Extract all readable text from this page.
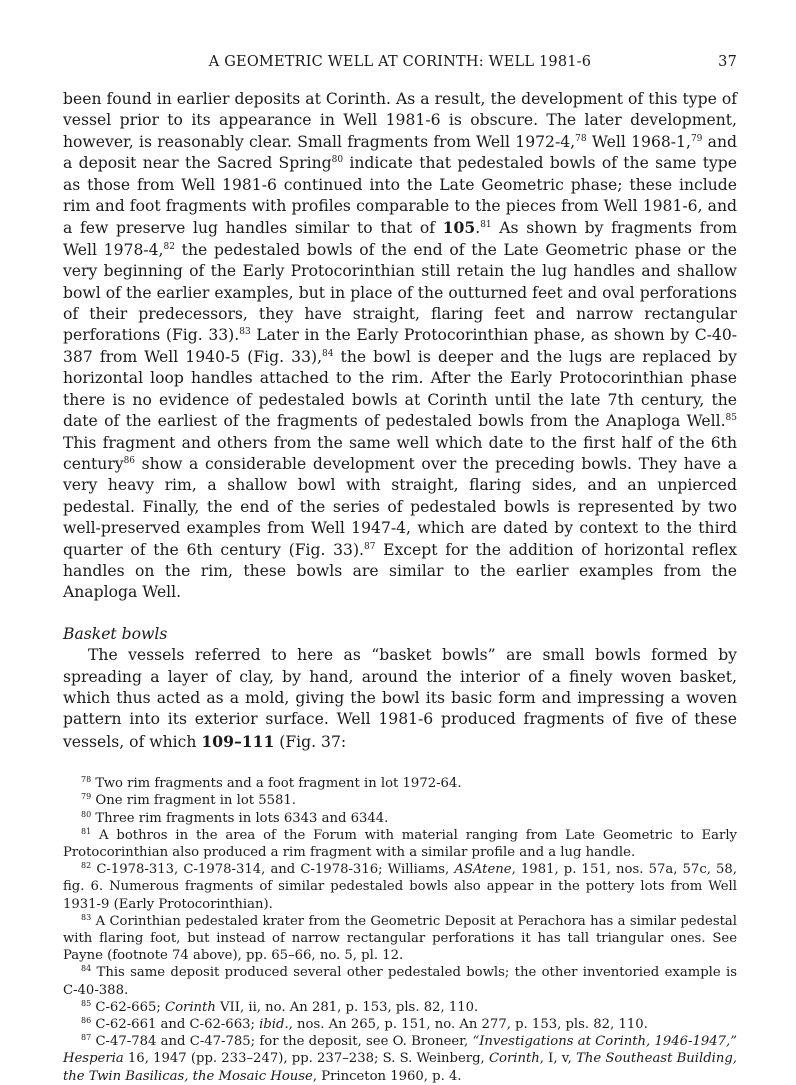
A GEOMETRIC WELL AT CORINTH: WELL 1981-6	37

been found in earlier deposits at Corinth. As a result, the development of this type of vessel prior to its appearance in Well 1981-6 is obscure. The later development, however, is reasonably clear. Small fragments from Well 1972-4,78 Well 1968-1,79 and a deposit near the Sacred Spring$^{80}$ indicate that pedestaled bowls of the same type as those from Well 1981-6 continued into the Late Geometric phase; these include rim and foot fragments with profiles comparable to the pieces from Well 1981-6, and a few preserve lug handles similar to that of 105.81 As shown by fragments from Well 1978-4,82 the pedestaled bowls of the end of the Late Geometric phase or the very beginning of the Early Protocorinthian still retain the lug handles and shallow bowl of the earlier examples, but in place of the outturned feet and oval perforations of their predecessors, they have straight, flaring feet and narrow rectangular perforations (Fig. 33).$^{83}$ Later in the Early Protocorinthian phase, as shown by C-40-387 from Well 1940-5 (Fig. 33),$^{84}$ the bowl is deeper and the lugs are replaced by horizontal loop handles attached to the rim. After the Early Protocorinthian phase there is no evidence of pedestaled bowls at Corinth until the late 7th century, the date of the earliest of the fragments of pedestaled bowls from the Anaploga Well.$^{85}$ This fragment and others from the same well which date to the first half of the 6th century$^{86}$ show a considerable development over the preceding bowls. They have a very heavy rim, a shallow bowl with straight, flaring sides, and an unpierced pedestal. Finally, the end of the series of pedestaled bowls is represented by two well-preserved examples from Well 1947-4, which are dated by context to the third quarter of the 6th century (Fig. 33).$^{87}$ Except for the addition of horizontal reflex handles on the rim, these bowls are similar to the earlier examples from the Anaploga Well.

Basket bowls

The vessels referred to here as “basket bowls” are small bowls formed by spreading a layer of clay, by hand, around the interior of a finely woven basket, which thus acted as a mold, giving the bowl its basic form and impressing a woven pattern into its exterior surface. Well 1981-6 produced fragments of five of these vessels, of which 109–111 (Fig. 37:

$^{78}$ Two rim fragments and a foot fragment in lot 1972-64.

$^{79}$ One rim fragment in lot 5581.

$^{80}$ Three rim fragments in lots 6343 and 6344.

$^{81}$ A bothros in the area of the Forum with material ranging from Late Geometric to Early Protocorinthian also produced a rim fragment with a similar profile and a lug handle.

$^{82}$ C-1978-313, C-1978-314, and C-1978-316; Williams, ASAtene, 1981, p. 151, nos. 57a, 57c, 58, fig. 6. Numerous fragments of similar pedestaled bowls also appear in the pottery lots from Well 1931-9 (Early Protocorinthian).

$^{83}$ A Corinthian pedestaled krater from the Geometric Deposit at Perachora has a similar pedestal with flaring foot, but instead of narrow rectangular perforations it has tall triangular ones. See Payne (footnote 74 above), pp. 65–66, no. 5, pl. 12.

$^{84}$ This same deposit produced several other pedestaled bowls; the other inventoried example is C-40-388.

$^{85}$ C-62-665; Corinth VII, ii, no. An 281, p. 153, pls. 82, 110.

$^{86}$ C-62-661 and C-62-663; ibid., nos. An 265, p. 151, no. An 277, p. 153, pls. 82, 110.

$^{87}$ C-47-784 and C-47-785; for the deposit, see O. Broneer, “Investigations at Corinth, 1946-1947,” Hesperia 16, 1947 (pp. 233–247), pp. 237–238; S. S. Weinberg, Corinth, I, v, The Southeast Building, the Twin Basilicas, the Mosaic House, Princeton 1960, p. 4.
